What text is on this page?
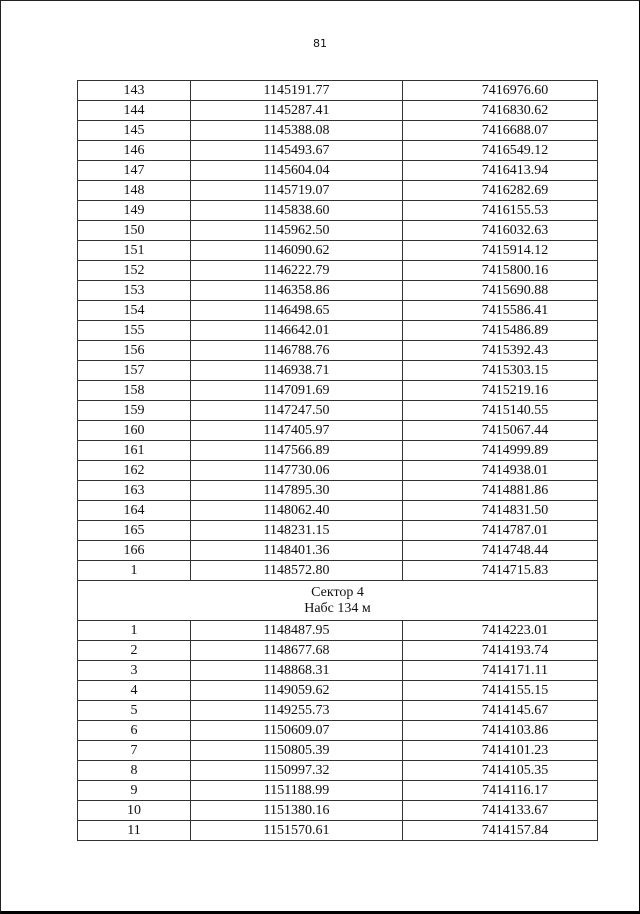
81
143	1145191.77	7416976.60
144	1145287.41	7416830.62
145	1145388.08	7416688.07
146	1145493.67	7416549.12
147	1145604.04	7416413.94
148	1145719.07	7416282.69
149	1145838.60	7416155.53
150	1145962.50	7416032.63
151	1146090.62	7415914.12
152	1146222.79	7415800.16
153	1146358.86	7415690.88
154	1146498.65	7415586.41
155	1146642.01	7415486.89
156	1146788.76	7415392.43
157	1146938.71	7415303.15
158	1147091.69	7415219.16
159	1147247.50	7415140.55
160	1147405.97	7415067.44
161	1147566.89	7414999.89
162	1147730.06	7414938.01
163	1147895.30	7414881.86
164	1148062.40	7414831.50
165	1148231.15	7414787.01
166	1148401.36	7414748.44
1	1148572.80	7414715.83

Сектор 4
Набс 134 м		

1	1148487.95	7414223.01
2	1148677.68	7414193.74
3	1148868.31	7414171.11
4	1149059.62	7414155.15
5	1149255.73	7414145.67
6	1150609.07	7414103.86
7	1150805.39	7414101.23
8	1150997.32	7414105.35
9	1151188.99	7414116.17
10	1151380.16	7414133.67
11	1151570.61	7414157.84
